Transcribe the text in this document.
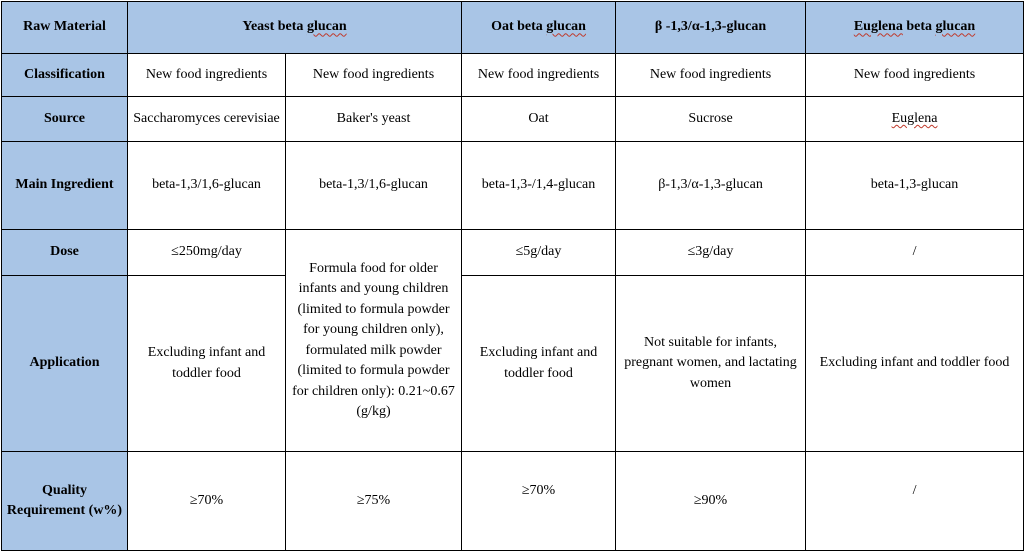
Raw Material	Yeast beta glucan		Oat beta glucan	β -1,3/α-1,3-glucan	Euglena beta glucan
Classification	New food ingredients	New food ingredients	New food ingredients	New food ingredients	New food ingredients
Source	Saccharomyces cerevisiae	Baker's yeast	Oat	Sucrose	Euglena
Main Ingredient	beta-1,3/1,6-glucan	beta-1,3/1,6-glucan	beta-1,3-/1,4-glucan	β-1,3/α-1,3-glucan	beta-1,3-glucan
Dose	≤250mg/day	Formula food for older infants and young children (limited to formula powder for young children only), formulated milk powder (limited to formula powder for children only): 0.21~0.67 (g/kg)	≤5g/day	≤3g/day	/
Application	Excluding infant and toddler food		Excluding infant and toddler food	Not suitable for infants, pregnant women, and lactating women	Excluding infant and toddler food
Quality Requirement (w%)	≥70%	≥75%	≥70%	≥90%	/
